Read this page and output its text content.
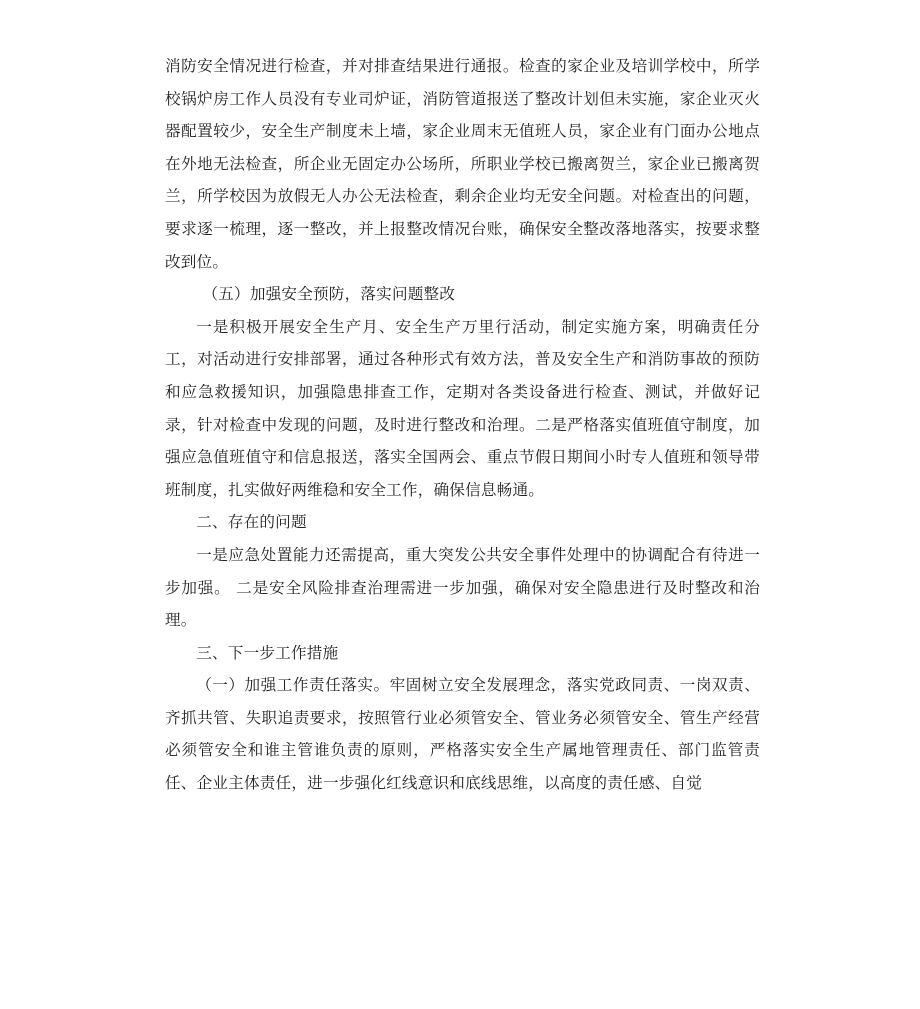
消防安全情况进行检查，并对排查结果进行通报。检查的家企业及培训学校中，所学校锅炉房工作人员没有专业司炉证，消防管道报送了整改计划但未实施，家企业灭火器配置较少，安全生产制度未上墙，家企业周末无值班人员，家企业有门面办公地点在外地无法检查，所企业无固定办公场所，所职业学校已搬离贺兰，家企业已搬离贺兰，所学校因为放假无人办公无法检查，剩余企业均无安全问题。对检查出的问题，要求逐一梳理，逐一整改，并上报整改情况台账，确保安全整改落地落实，按要求整改到位。

（五）加强安全预防，落实问题整改

一是积极开展安全生产月、安全生产万里行活动，制定实施方案，明确责任分工，对活动进行安排部署，通过各种形式有效方法，普及安全生产和消防事故的预防和应急救援知识，加强隐患排查工作，定期对各类设备进行检查、测试，并做好记录，针对检查中发现的问题，及时进行整改和治理。二是严格落实值班值守制度，加强应急值班值守和信息报送，落实全国两会、重点节假日期间小时专人值班和领导带班制度，扎实做好两维稳和安全工作，确保信息畅通。

二、存在的问题

一是应急处置能力还需提高，重大突发公共安全事件处理中的协调配合有待进一步加强。 二是安全风险排查治理需进一步加强，确保对安全隐患进行及时整改和治理。

三、下一步工作措施

（一）加强工作责任落实。牢固树立安全发展理念，落实党政同责、一岗双责、齐抓共管、失职追责要求，按照管行业必须管安全、管业务必须管安全、管生产经营必须管安全和谁主管谁负责的原则，严格落实安全生产属地管理责任、部门监管责任、企业主体责任，进一步强化红线意识和底线思维，以高度的责任感、自觉
